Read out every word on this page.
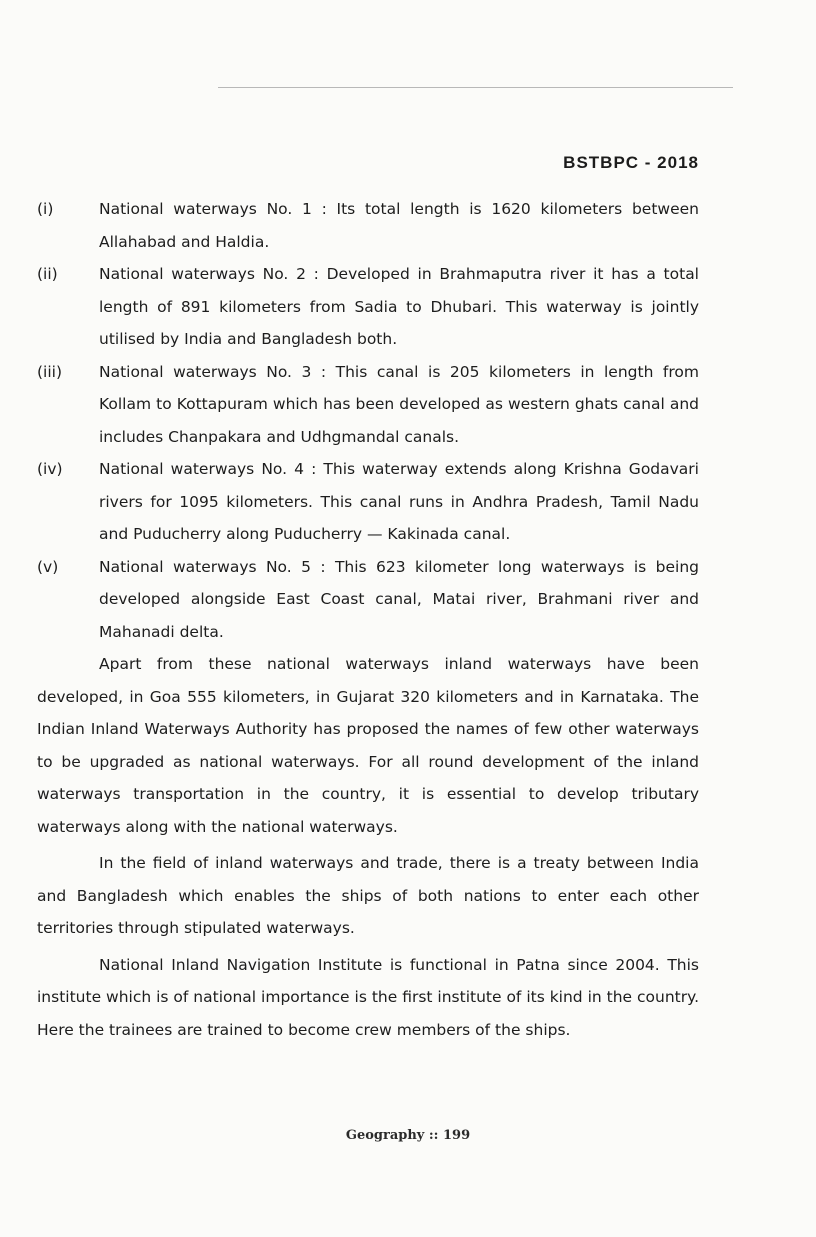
BSTBPC - 2018
(i)	National waterways No. 1 : Its total length is 1620 kilometers between Allahabad and Haldia.
(ii)	National waterways No. 2 : Developed in Brahmaputra river it has a total length of 891 kilometers from Sadia to Dhubari. This waterway is jointly utilised by India and Bangladesh both.
(iii)	National waterways No. 3 : This canal is 205 kilometers in length from Kollam to Kottapuram which has been developed as western ghats canal and includes Chanpakara and Udhgmandal canals.
(iv)	National waterways No. 4 : This waterway extends along Krishna Godavari rivers for 1095 kilometers. This canal runs in Andhra Pradesh, Tamil Nadu and Puducherry along Puducherry — Kakinada canal.
(v)	National waterways No. 5 : This 623 kilometer long waterways is being developed alongside East Coast canal, Matai river, Brahmani river and Mahanadi delta.

Apart from these national waterways inland waterways have been developed, in Goa 555 kilometers, in Gujarat 320 kilometers and in Karnataka. The Indian Inland Waterways Authority has proposed the names of few other waterways to be upgraded as national waterways. For all round development of the inland waterways transportation in the country, it is essential to develop tributary waterways along with the national waterways.

In the field of inland waterways and trade, there is a treaty between India and Bangladesh which enables the ships of both nations to enter each other territories through stipulated waterways.

National Inland Navigation Institute is functional in Patna since 2004. This institute which is of national importance is the first institute of its kind in the country. Here the trainees are trained to become crew members of the ships.

Geography :: 199
